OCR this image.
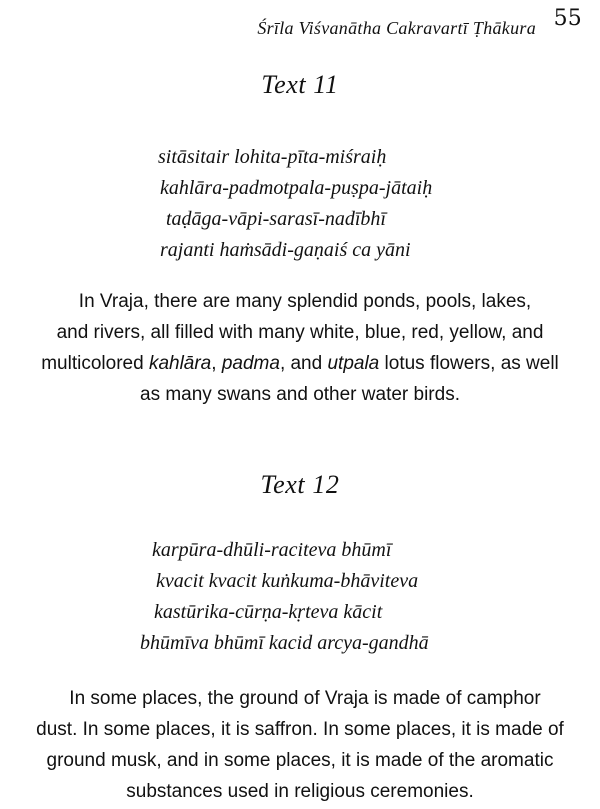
55
Śrīla Viśvanātha Cakravartī Ṭhākura
Text 11
sitāsitair lohita-pīta-miśraiḥ
kahlāra-padmotpala-puṣpa-jātaiḥ
taḍāga-vāpi-sarasī-nadībhī
rajanti haṁsādi-gaṇaiś ca yāni
In Vraja, there are many splendid ponds, pools, lakes,
and rivers, all filled with many white, blue, red, yellow, and
multicolored kahlāra, padma, and utpala lotus flowers, as well
as many swans and other water birds.
Text 12
karpūra-dhūli-raciteva bhūmī
kvacit kvacit kuṅkuma-bhāviteva
kastūrika-cūrṇa-kṛteva kācit
bhūmīva bhūmī kacid arcya-gandhā
In some places, the ground of Vraja is made of camphor
dust. In some places, it is saffron. In some places, it is made of
ground musk, and in some places, it is made of the aromatic
substances used in religious ceremonies.
